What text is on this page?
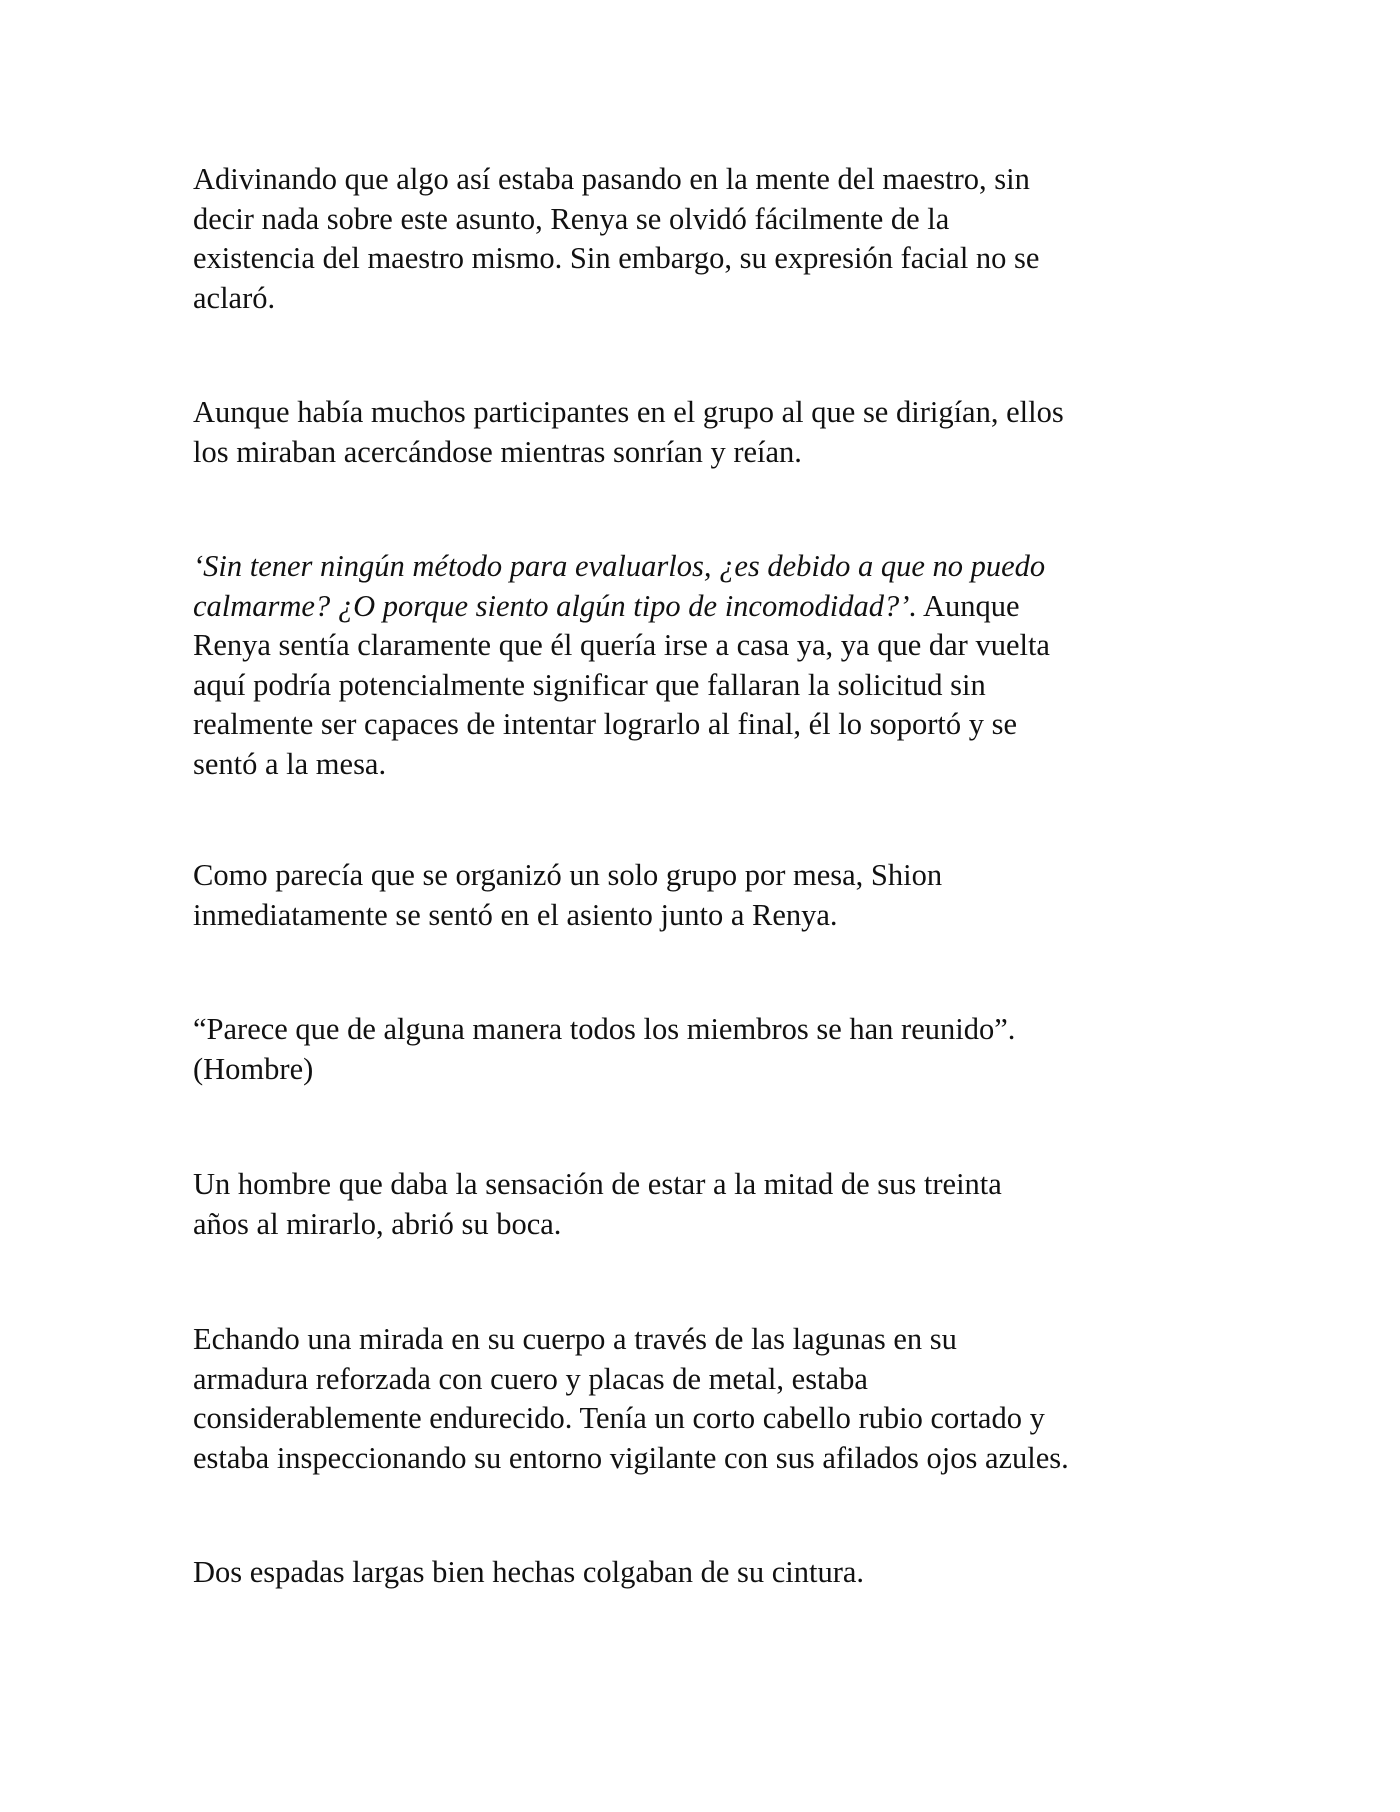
Adivinando que algo así estaba pasando en la mente del maestro, sin
decir nada sobre este asunto, Renya se olvidó fácilmente de la
existencia del maestro mismo. Sin embargo, su expresión facial no se
aclaró.

Aunque había muchos participantes en el grupo al que se dirigían, ellos
los miraban acercándose mientras sonrían y reían.

‘Sin tener ningún método para evaluarlos, ¿es debido a que no puedo
calmarme? ¿O porque siento algún tipo de incomodidad?’. Aunque
Renya sentía claramente que él quería irse a casa ya, ya que dar vuelta
aquí podría potencialmente significar que fallaran la solicitud sin
realmente ser capaces de intentar lograrlo al final, él lo soportó y se
sentó a la mesa.

Como parecía que se organizó un solo grupo por mesa, Shion
inmediatamente se sentó en el asiento junto a Renya.

“Parece que de alguna manera todos los miembros se han reunido”.
(Hombre)

Un hombre que daba la sensación de estar a la mitad de sus treinta
años al mirarlo, abrió su boca.

Echando una mirada en su cuerpo a través de las lagunas en su
armadura reforzada con cuero y placas de metal, estaba
considerablemente endurecido. Tenía un corto cabello rubio cortado y
estaba inspeccionando su entorno vigilante con sus afilados ojos azules.

Dos espadas largas bien hechas colgaban de su cintura.
